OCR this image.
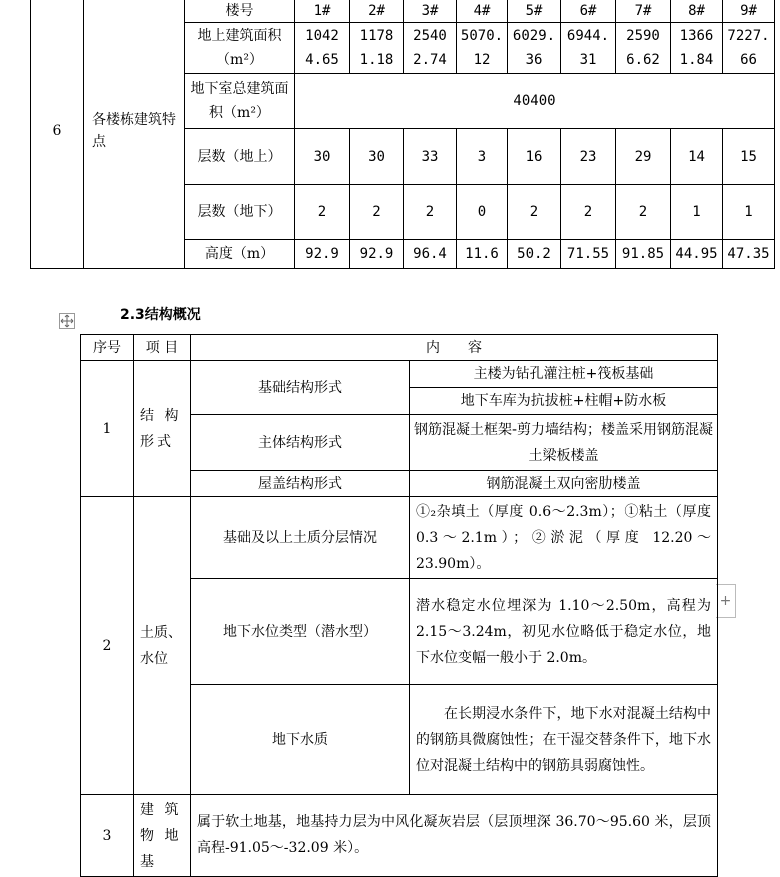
6	各楼栋建筑特点	楼号	1#	2#	3#	4#	5#	6#	7#	8#	9#
		地上建筑面积（m²）	10424.65	11781.18	25402.74	5070.12	6029.36	6944.31	25906.62	13661.84	7227.66
		地下室总建筑面积（m²）	40400								
		层数（地上）	30	30	33	3	16	23	29	14	15
		层数（地下）	2	2	2	0	2	2	2	1	1
		高度（m）	92.9	92.9	96.4	11.6	50.2	71.55	91.85	44.95	47.35
2.3结构概况
+
序号	项 目	内　　容	
1	结 构 形式	基础结构形式	主楼为钻孔灌注桩+筏板基础
			地下车库为抗拔桩+柱帽+防水板
		主体结构形式	钢筋混凝土框架-剪力墙结构；楼盖采用钢筋混凝土梁板楼盖
		屋盖结构形式	钢筋混凝土双向密肋楼盖

2	土质、水位	基础及以上土质分层情况	①₂杂填土（厚度 0.6～2.3m）；①粘土（厚度 0.3～2.1m）；②淤泥（厚度 12.20～23.90m）。
		地下水位类型（潜水型）	潜水稳定水位埋深为 1.10～2.50m，高程为 2.15～3.24m，初见水位略低于稳定水位，地下水位变幅一般小于 2.0m。
		地下水质	在长期浸水条件下，地下水对混凝土结构中的钢筋具微腐蚀性；在干湿交替条件下，地下水位对混凝土结构中的钢筋具弱腐蚀性。
3	建 筑 物 地 基	属于软土地基，地基持力层为中风化凝灰岩层（层顶埋深 36.70～95.60 米，层顶高程-91.05～-32.09 米）。	
